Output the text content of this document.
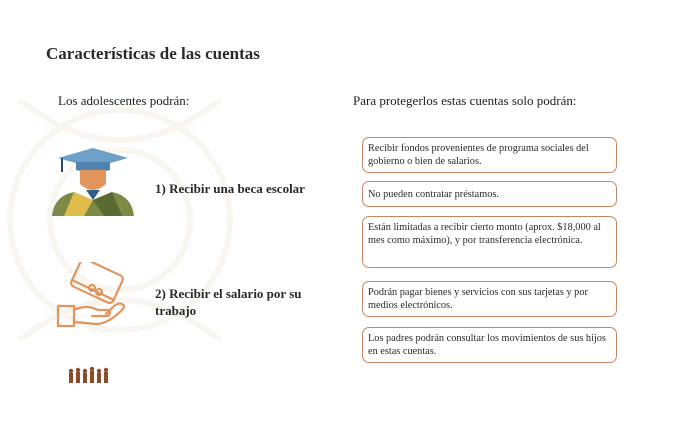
Características de las cuentas
Los adolescentes podrán:	Para protegerlos estas cuentas solo podrán:
1) Recibir una beca escolar
2) Recibir el salario por su trabajo
Recibir fondos provenientes de programa sociales del gobierno o bien de salarios.
No pueden contratar préstamos.
Están limitadas a recibir cierto monto (aprox. $18,000 al mes como máximo), y por transferencia electrónica.
Podrán pagar bienes y servicios con sus tarjetas y por medios electrónicos.
Los padres podrán consultar los movimientos de sus hijos en estas cuentas.
